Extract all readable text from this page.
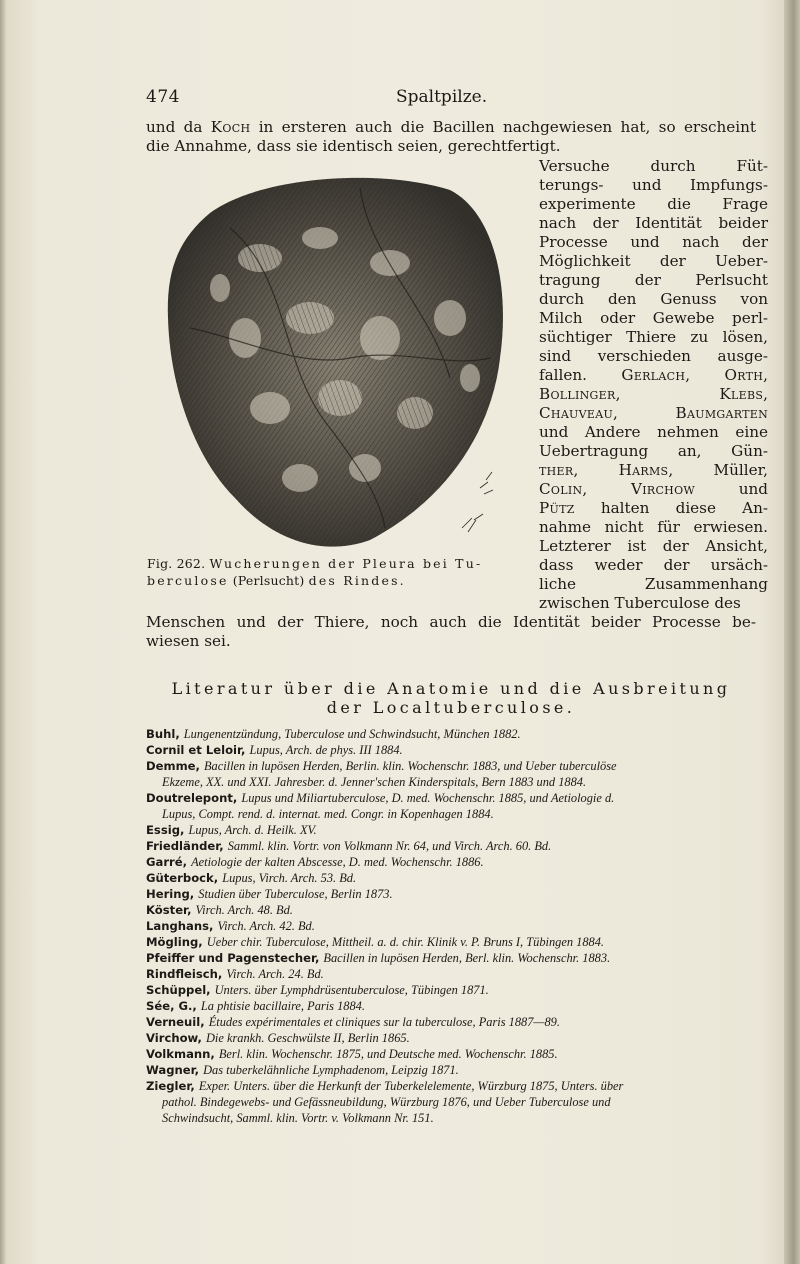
474	Spaltpilze.
und da Koch in ersteren auch die Bacillen nachgewiesen hat, so erscheint
die Annahme, dass sie identisch seien, gerechtfertigt.
Versuche durch Füt-
terungs- und Impfungs-
experimente die Frage
nach der Identität beider
Processe und nach der
Möglichkeit der Ueber-
tragung der Perlsucht
durch den Genuss von
Milch oder Gewebe perl-
süchtiger Thiere zu lösen,
sind verschieden ausge-
fallen. Gerlach, Orth,
Bollinger, Klebs,
Chauveau, Baumgarten
und Andere nehmen eine
Uebertragung an, Gün-
ther, Harms, Müller,
Colin, Virchow und
Pütz halten diese An-
nahme nicht für erwiesen.
Letzterer ist der Ansicht,
dass weder der ursäch-
liche Zusammenhang
zwischen Tuberculose des
Menschen und der Thiere, noch auch die Identität beider Processe be-
wiesen sei.
Fig. 262. Wucherungen der Pleura bei Tu-
berculose (Perlsucht) des Rindes.
Literatur über die Anatomie und die Ausbreitung
der Localtuberculose.
Buhl, Lungenentzündung, Tuberculose und Schwindsucht, München 1882.
Cornil et Leloir, Lupus, Arch. de phys. III 1884.
Demme, Bacillen in lupösen Herden, Berlin. klin. Wochenschr. 1883, und Ueber tuberculöse
Ekzeme, XX. und XXI. Jahresber. d. Jenner'schen Kinderspitals, Bern 1883 und 1884.
Doutrelepont, Lupus und Miliartuberculose, D. med. Wochenschr. 1885, und Aetiologie d.
Lupus, Compt. rend. d. internat. med. Congr. in Kopenhagen 1884.
Essig, Lupus, Arch. d. Heilk. XV.
Friedländer, Samml. klin. Vortr. von Volkmann Nr. 64, und Virch. Arch. 60. Bd.
Garré, Aetiologie der kalten Abscesse, D. med. Wochenschr. 1886.
Güterbock, Lupus, Virch. Arch. 53. Bd.
Hering, Studien über Tuberculose, Berlin 1873.
Köster, Virch. Arch. 48. Bd.
Langhans, Virch. Arch. 42. Bd.
Mögling, Ueber chir. Tuberculose, Mittheil. a. d. chir. Klinik v. P. Bruns I, Tübingen 1884.
Pfeiffer und Pagenstecher, Bacillen in lupösen Herden, Berl. klin. Wochenschr. 1883.
Rindfleisch, Virch. Arch. 24. Bd.
Schüppel, Unters. über Lymphdrüsentuberculose, Tübingen 1871.
Sée, G., La phtisie bacillaire, Paris 1884.
Verneuil, Études expérimentales et cliniques sur la tuberculose, Paris 1887—89.
Virchow, Die krankh. Geschwülste II, Berlin 1865.
Volkmann, Berl. klin. Wochenschr. 1875, und Deutsche med. Wochenschr. 1885.
Wagner, Das tuberkelähnliche Lymphadenom, Leipzig 1871.
Ziegler, Exper. Unters. über die Herkunft der Tuberkelelemente, Würzburg 1875, Unters. über
pathol. Bindegewebs- und Gefässneubildung, Würzburg 1876, und Ueber Tuberculose und
Schwindsucht, Samml. klin. Vortr. v. Volkmann Nr. 151.
